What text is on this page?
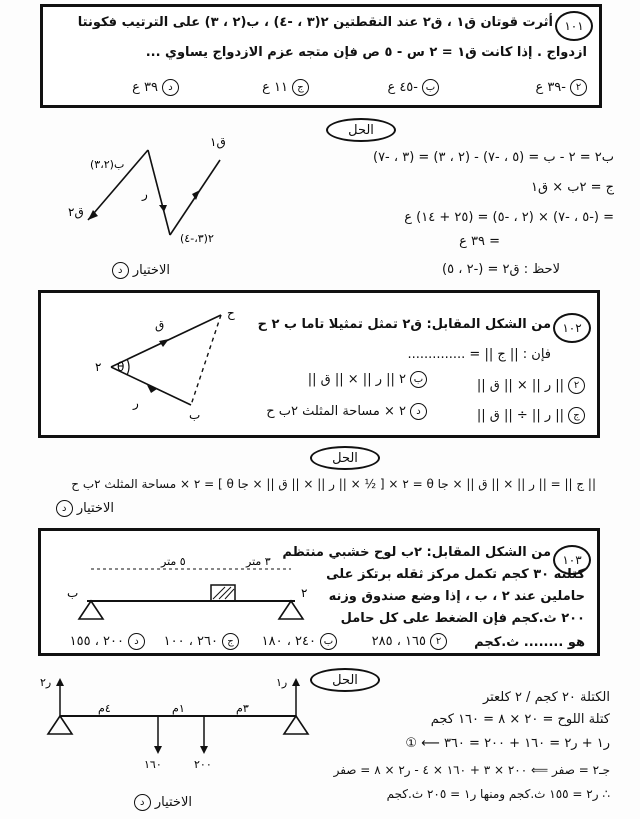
١٠١
أثرت قوتان ق١ ، ق٢ عند النقطتين ٢(٣ ، -٤) ، ب(٢ ، ٣) على الترتيب فكونتا
ازدواج . إذا كانت ق١ = ٢ س - ٥ ص فإن متجه عزم الازدواج يساوي ...
٢-٣٩ ع
ب-٤٥ ع
ج١١ ع
د٣٩ ع
الحل
ب(٣،٢)
٢(٣،-٤)
ق١
ق٢
ر
ب٢ = ٢ - ب = (٥ ، -٧) - (٢ ، ٣) = (٣ ، -٧)
ج = ٢ب × ق١
= (-٥ ، -٧) × (٢ ، -٥) = (٢٥ + ١٤) ع
= ٣٩ ع
لاحظ : ق٢ = (-٢ ، ٥)
الاختيار د
١٠٢
من الشكل المقابل: ق٢ تمثل تمثيلا تاما ب ٢ ح
فإن : || ج || = ..............
٢|| ر || × || ق ||
ب٢ || ر || × || ق ||
ج|| ر || ÷ || ق ||
د٢ × مساحة المثلث ٢ب ح
٢
ب
ح
θ
ق
ر
الحل
|| ج || = || ر || × || ق || × جا θ = ٢ × [ ½ × || ر || × || ق || × جا θ ] = ٢ × مساحة المثلث ٢ب ح
الاختيار د
١٠٣
من الشكل المقابل: ٢ب لوح خشبي منتظم
كتلته ٣٠ كجم تكمل مركز ثقله برتكز على
حاملين عند ٢ ، ب ، إذا وضع صندوق وزنه
٢٠٠ ث.كجم فإن الضغط على كل حامل
هو ........ ث.كجم
٢١٦٥ ، ٢٨٥
ب٢٤٠ ، ١٨٠
ج٢٦٠ ، ١٠٠
د٢٠٠ ، ١٥٥
٥ متر	٣ متر
ب	٢
الحل
ر٢	ر١
٤م	١م	٣م
١٦٠	٢٠٠
الكتلة ٢٠ كجم / ٢ كلعتر
كتلة اللوح = ٢٠ × ٨ = ١٦٠ كجم
ر١ + ر٢ = ١٦٠ + ٢٠٠ = ٣٦٠ ⟵ ①
جـ٢ = صفر ⟸ ٢٠٠ × ٣ + ١٦٠ × ٤ - ر٢ × ٨ = صفر
∴ ر٢ = ١٥٥ ث.كجم ومنها ر١ = ٢٠٥ ث.كجم
الاختيار د
